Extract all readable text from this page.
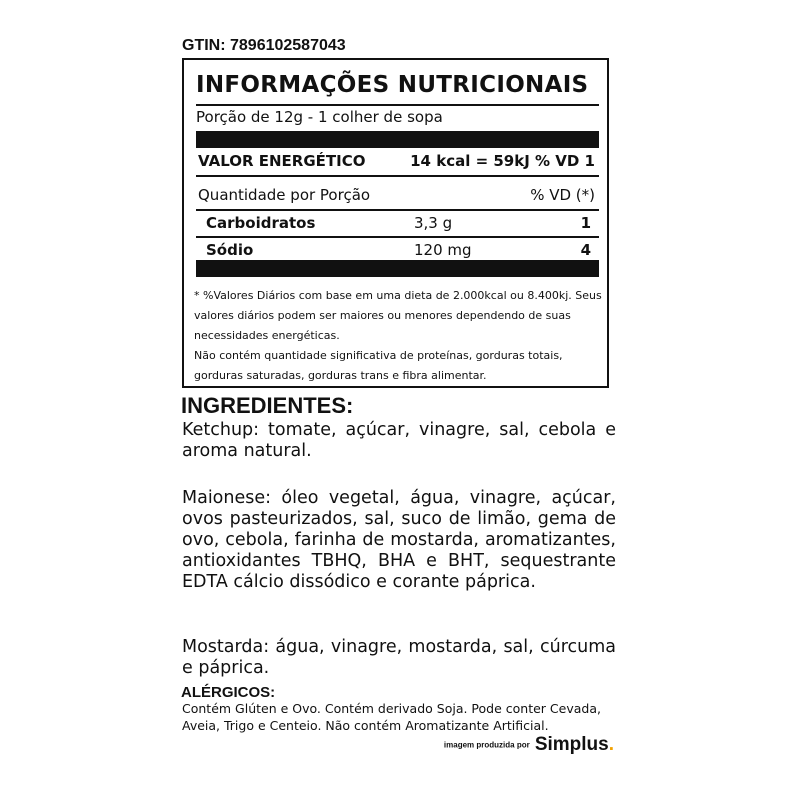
GTIN: 7896102587043
INFORMAÇÕES NUTRICIONAIS
Porção de 12g - 1 colher de sopa
VALOR ENERGÉTICO	14 kcal = 59kJ % VD 1
Quantidade por Porção	% VD (*)
Carboidratos	3,3 g	1
Sódio	120 mg	4

* %Valores Diários com base em uma dieta de 2.000kcal ou 8.400kj. Seus valores diários podem ser maiores ou menores dependendo de suas necessidades energéticas.

Não contém quantidade significativa de proteínas, gorduras totais, gorduras saturadas, gorduras trans e fibra alimentar.

INGREDIENTES:

Ketchup: tomate, açúcar, vinagre, sal, cebola e aroma natural.

Maionese: óleo vegetal, água, vinagre, açúcar, ovos pasteurizados, sal, suco de limão, gema de ovo, cebola, farinha de mostarda, aromatizantes, antioxidantes TBHQ, BHA e BHT, sequestrante EDTA cálcio dissódico e corante páprica.

Mostarda: água, vinagre, mostarda, sal, cúrcuma e páprica.

ALÉRGICOS:

Contém Glúten e Ovo. Contém derivado Soja. Pode conter Cevada, Aveia, Trigo e Centeio. Não contém Aromatizante Artificial.

imagem produzida por Simplus.
